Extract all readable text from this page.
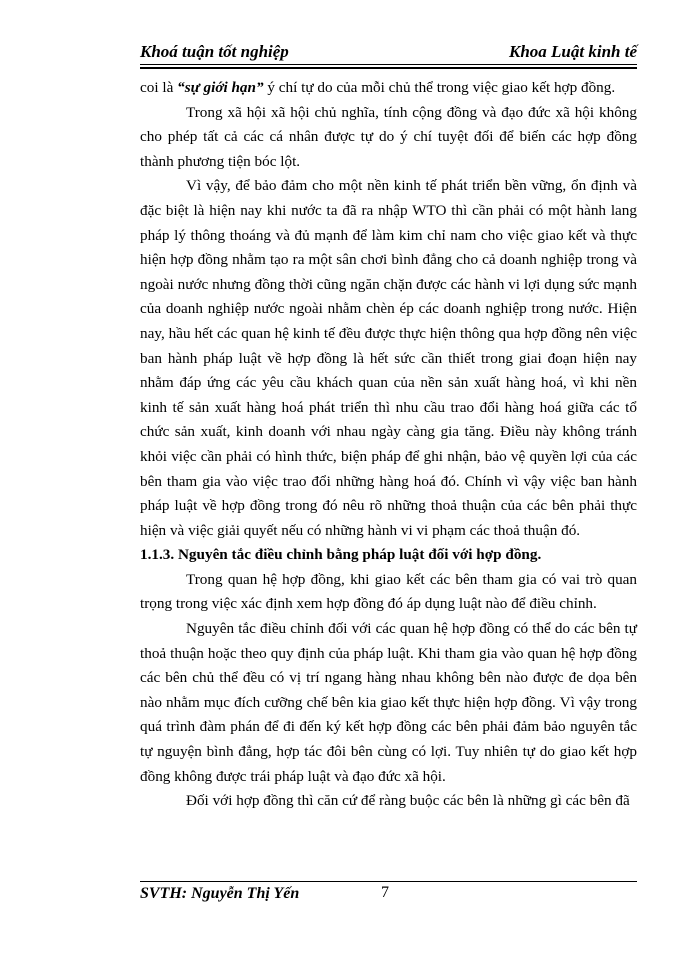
Khoá tuận tốt nghiệp	Khoa Luật kinh tế

coi là “sự giới hạn” ý chí tự do của mỗi chủ thể trong việc giao kết hợp đồng.

Trong xã hội xã hội chủ nghĩa, tính cộng đồng và đạo đức xã hội không cho phép tất cả các cá nhân được tự do ý chí tuyệt đối để biến các hợp đồng thành phương tiện bóc lột.

Vì vậy, để bảo đảm cho một nền kinh tế phát triển bền vững, ổn định và đặc biệt là hiện nay khi nước ta đã ra nhập WTO thì cần phải có một hành lang pháp lý thông thoáng và đủ mạnh để làm kim chỉ nam cho việc giao kết và thực hiện hợp đồng nhằm tạo ra một sân chơi bình đẳng cho cả doanh nghiệp trong và ngoài nước nhưng đồng thời cũng ngăn chặn được các hành vi lợi dụng sức mạnh của doanh nghiệp nước ngoài nhằm chèn ép các doanh nghiệp trong nước. Hiện nay, hầu hết các quan hệ kinh tế đều được thực hiện thông qua hợp đồng nên việc ban hành pháp luật về hợp đồng là hết sức cần thiết trong giai đoạn hiện nay nhằm đáp ứng các yêu cầu khách quan của nền sản xuất hàng hoá, vì khi nền kinh tế sản xuất hàng hoá phát triển thì nhu cầu trao đổi hàng hoá giữa các tổ chức sản xuất, kinh doanh với nhau ngày càng gia tăng. Điều này không tránh khỏi việc cần phải có hình thức, biện pháp để ghi nhận, bảo vệ quyền lợi của các bên tham gia vào việc trao đổi những hàng hoá đó. Chính vì vậy việc ban hành pháp luật về hợp đồng trong đó nêu rõ những thoả thuận của các bên phải thực hiện và việc giải quyết nếu có những hành vi vi phạm các thoả thuận đó.

1.1.3. Nguyên tắc điều chỉnh bằng pháp luật đối với hợp đồng.

Trong quan hệ hợp đồng, khi giao kết các bên tham gia có vai trò quan trọng trong việc xác định xem hợp đồng đó áp dụng luật nào để điều chỉnh.

Nguyên tắc điều chỉnh đối với các quan hệ hợp đồng có thể do các bên tự thoả thuận hoặc theo quy định của pháp luật. Khi tham gia vào quan hệ hợp đồng các bên chủ thể đều có vị trí ngang hàng nhau không bên nào được đe dọa bên nào nhằm mục đích cưỡng chế bên kia giao kết thực hiện hợp đồng. Vì vậy trong quá trình đàm phán để đi đến ký kết hợp đồng các bên phải đảm bảo nguyên tắc tự nguyện bình đẳng, hợp tác đôi bên cùng có lợi. Tuy nhiên tự do giao kết hợp đồng không được trái pháp luật và đạo đức xã hội.

Đối với hợp đồng thì căn cứ để ràng buộc các bên là những gì các bên đã

SVTH: Nguyễn Thị Yến	7
